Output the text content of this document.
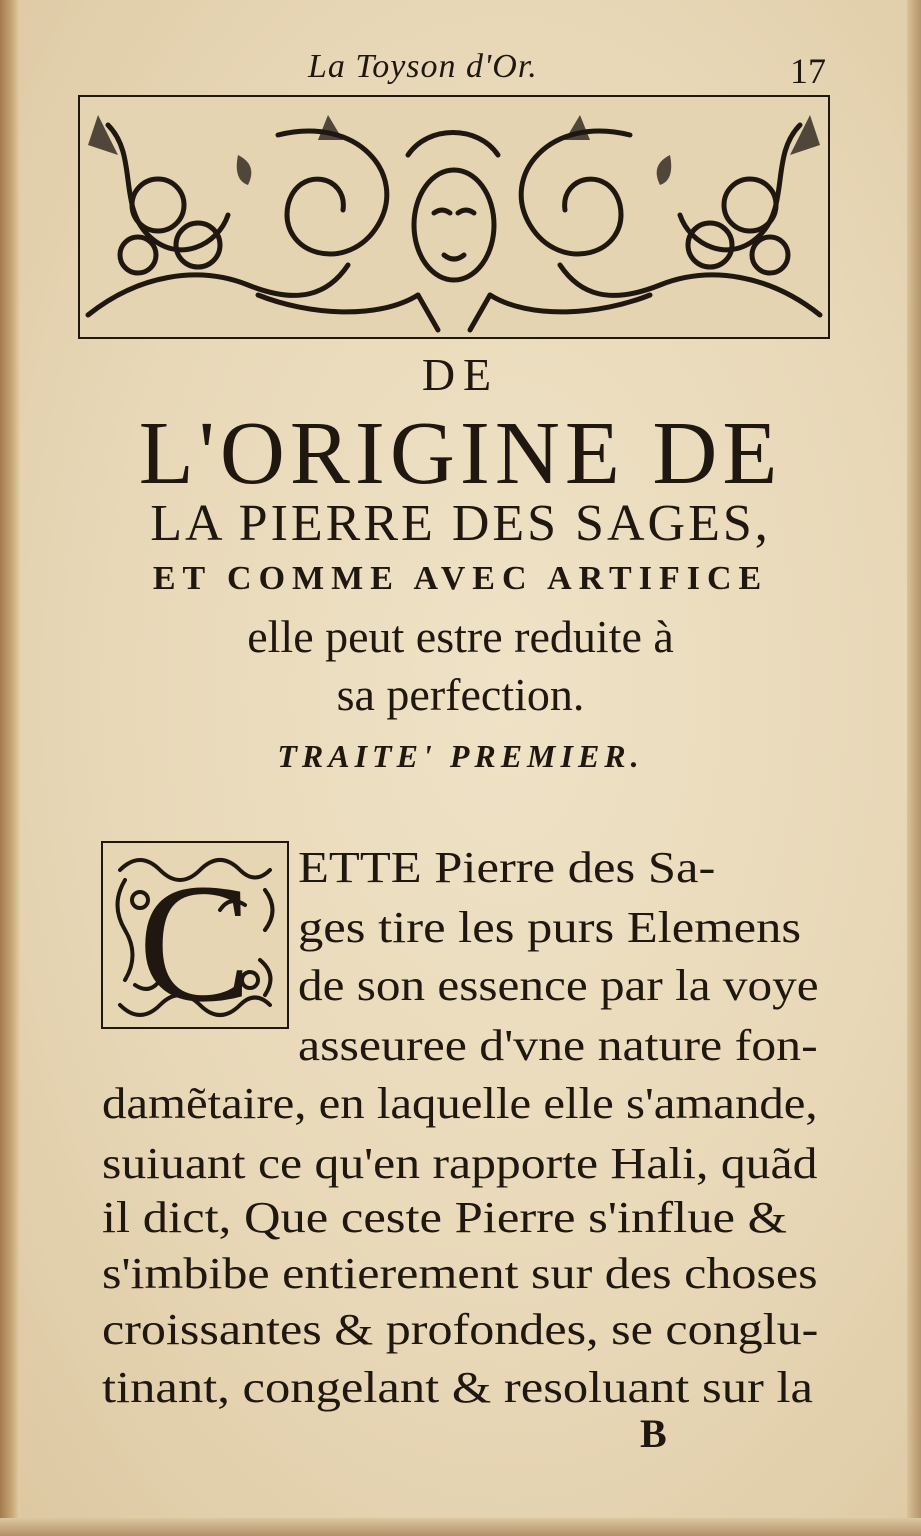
La Toyson d'Or.	17
DE
L'ORIGINE DE
LA PIERRE DES SAGES,
ET COMME AVEC ARTIFICE
elle peut estre reduite à
sa perfection.
TRAITE' PREMIER.
C ETTE Pierre des Sa-
ges tire les purs Elemens
de son essence par la voye
asseuree d'vne nature fon-
damẽtaire, en laquelle elle s'amande,
suiuant ce qu'en rapporte Hali, quãd
il dict, Que ceste Pierre s'influe &
s'imbibe entierement sur des choses
croissantes & profondes, se conglu-
tinant, congelant & resoluant sur la
B
